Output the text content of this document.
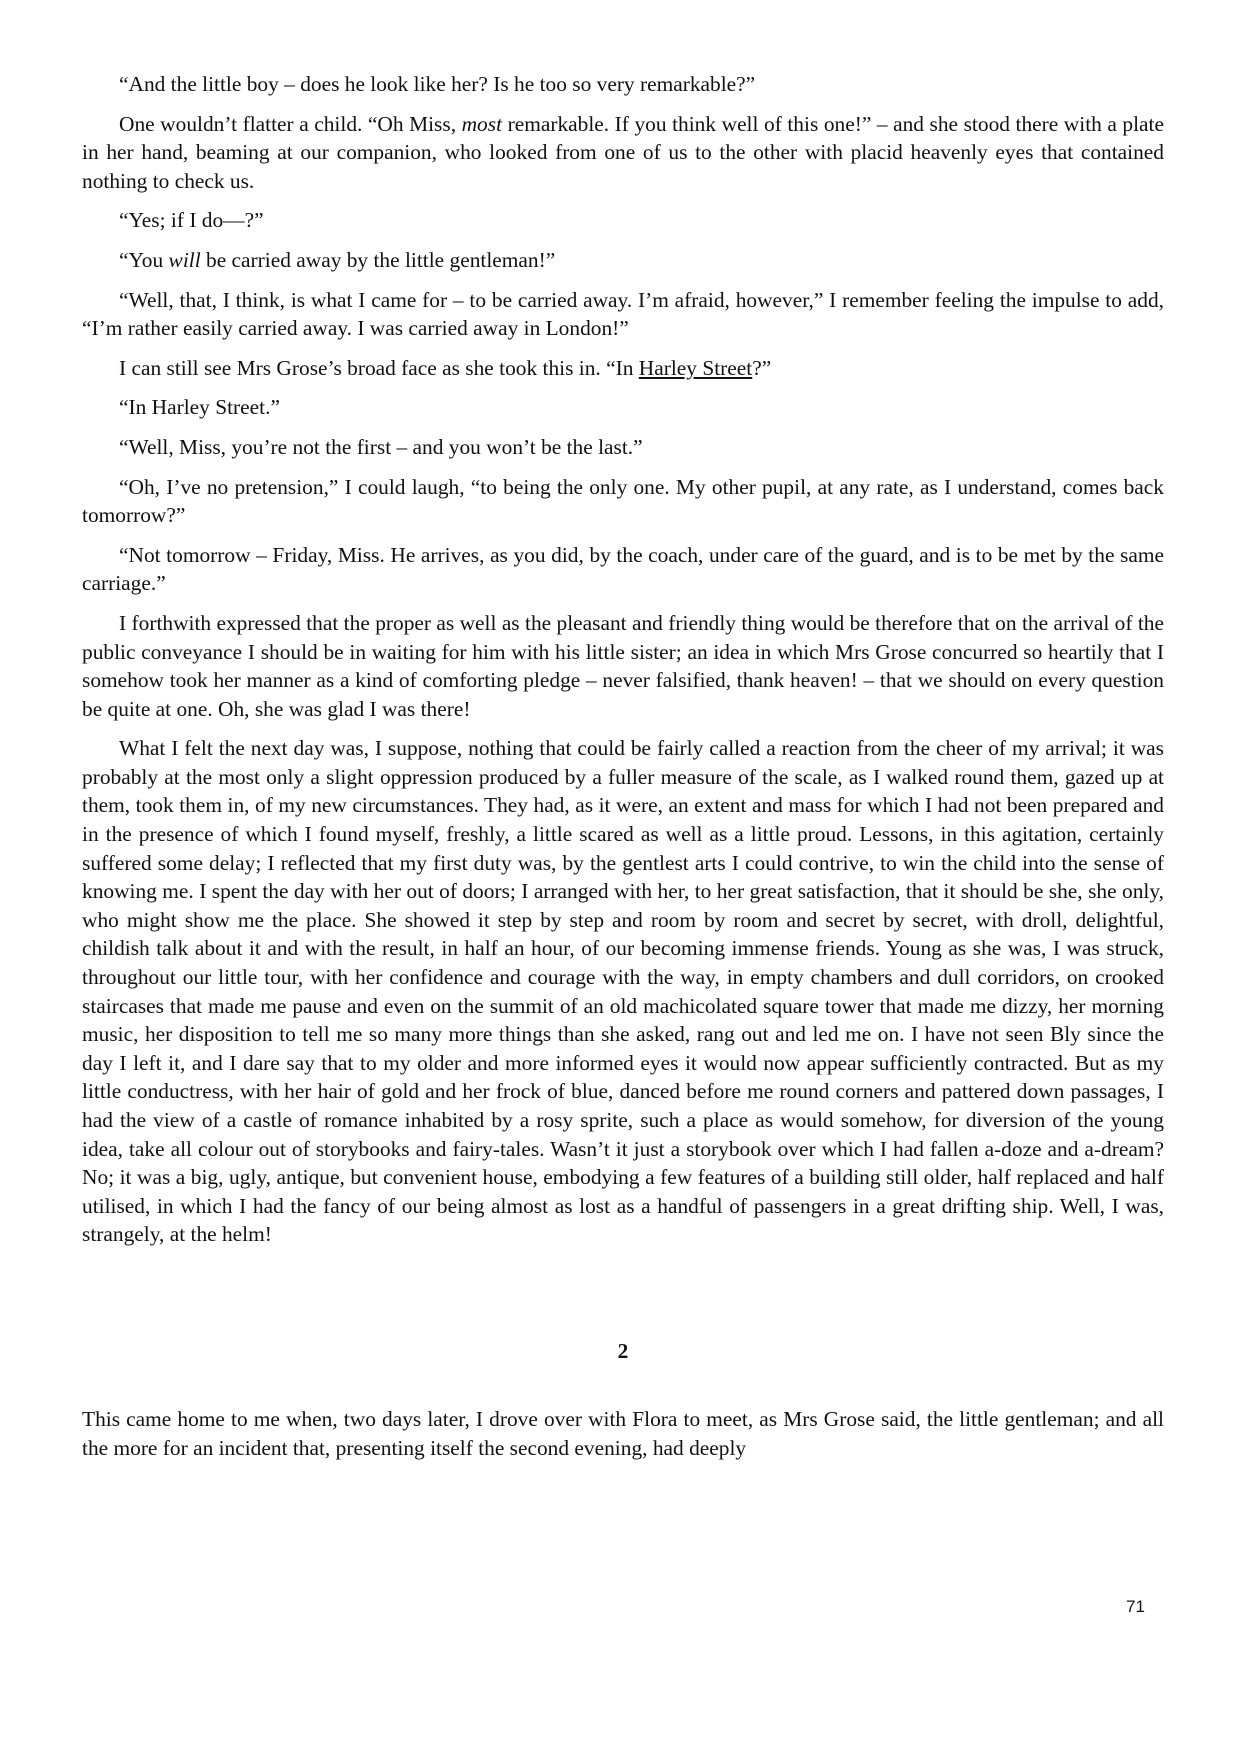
“And the little boy – does he look like her? Is he too so very remarkable?”

One wouldn’t flatter a child. “Oh Miss, most remarkable. If you think well of this one!” – and she stood there with a plate in her hand, beaming at our companion, who looked from one of us to the other with placid heavenly eyes that contained nothing to check us.

“Yes; if I do—?”

“You will be carried away by the little gentleman!”

“Well, that, I think, is what I came for – to be carried away. I’m afraid, however,” I remember feeling the impulse to add, “I’m rather easily carried away. I was carried away in London!”

I can still see Mrs Grose’s broad face as she took this in. “In Harley Street?”

“In Harley Street.”

“Well, Miss, you’re not the first – and you won’t be the last.”

“Oh, I’ve no pretension,” I could laugh, “to being the only one. My other pupil, at any rate, as I understand, comes back tomorrow?”

“Not tomorrow – Friday, Miss. He arrives, as you did, by the coach, under care of the guard, and is to be met by the same carriage.”

I forthwith expressed that the proper as well as the pleasant and friendly thing would be therefore that on the arrival of the public conveyance I should be in waiting for him with his little sister; an idea in which Mrs Grose concurred so heartily that I somehow took her manner as a kind of comforting pledge – never falsified, thank heaven! – that we should on every question be quite at one. Oh, she was glad I was there!

What I felt the next day was, I suppose, nothing that could be fairly called a reaction from the cheer of my arrival; it was probably at the most only a slight oppression produced by a fuller measure of the scale, as I walked round them, gazed up at them, took them in, of my new circumstances. They had, as it were, an extent and mass for which I had not been prepared and in the presence of which I found myself, freshly, a little scared as well as a little proud. Lessons, in this agitation, certainly suffered some delay; I reflected that my first duty was, by the gentlest arts I could contrive, to win the child into the sense of knowing me. I spent the day with her out of doors; I arranged with her, to her great satisfaction, that it should be she, she only, who might show me the place. She showed it step by step and room by room and secret by secret, with droll, delightful, childish talk about it and with the result, in half an hour, of our becoming immense friends. Young as she was, I was struck, throughout our little tour, with her confidence and courage with the way, in empty chambers and dull corridors, on crooked staircases that made me pause and even on the summit of an old machicolated square tower that made me dizzy, her morning music, her disposition to tell me so many more things than she asked, rang out and led me on. I have not seen Bly since the day I left it, and I dare say that to my older and more informed eyes it would now appear sufficiently contracted. But as my little conductress, with her hair of gold and her frock of blue, danced before me round corners and pattered down passages, I had the view of a castle of romance inhabited by a rosy sprite, such a place as would somehow, for diversion of the young idea, take all colour out of storybooks and fairy-tales. Wasn’t it just a storybook over which I had fallen a-doze and a-dream? No; it was a big, ugly, antique, but convenient house, embodying a few features of a building still older, half replaced and half utilised, in which I had the fancy of our being almost as lost as a handful of passengers in a great drifting ship. Well, I was, strangely, at the helm!

2

This came home to me when, two days later, I drove over with Flora to meet, as Mrs Grose said, the little gentleman; and all the more for an incident that, presenting itself the second evening, had deeply

71
